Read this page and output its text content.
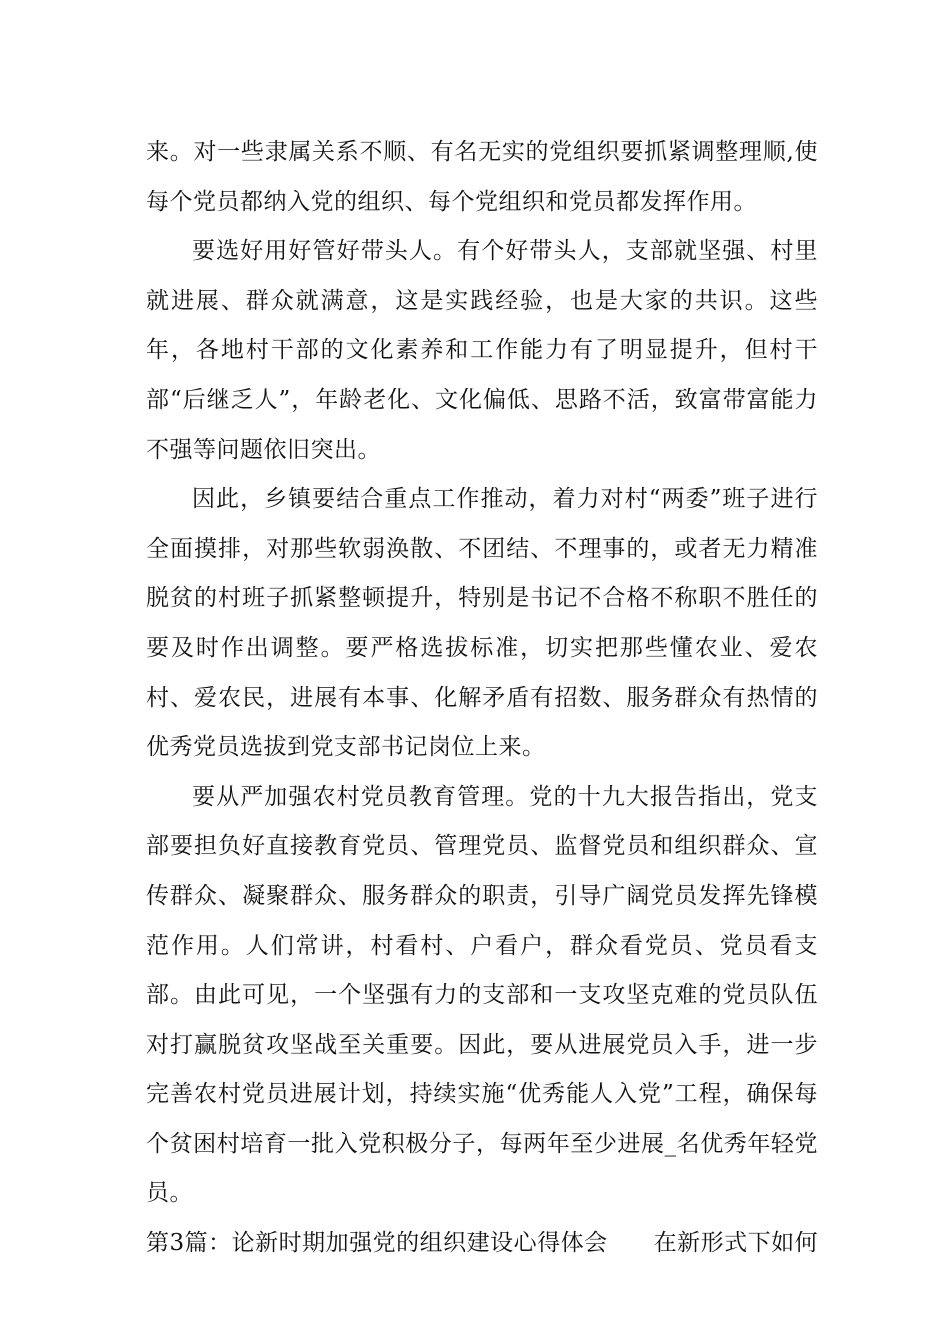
来。对一些隶属关系不顺、有名无实的党组织要抓紧调整理顺,使每个党员都纳入党的组织、每个党组织和党员都发挥作用。

要选好用好管好带头人。有个好带头人，支部就坚强、村里就进展、群众就满意，这是实践经验，也是大家的共识。这些年，各地村干部的文化素养和工作能力有了明显提升，但村干部“后继乏人”，年龄老化、文化偏低、思路不活，致富带富能力不强等问题依旧突出。

因此，乡镇要结合重点工作推动，着力对村“两委”班子进行全面摸排，对那些软弱涣散、不团结、不理事的，或者无力精准脱贫的村班子抓紧整顿提升，特别是书记不合格不称职不胜任的要及时作出调整。要严格选拔标准，切实把那些懂农业、爱农村、爱农民，进展有本事、化解矛盾有招数、服务群众有热情的优秀党员选拔到党支部书记岗位上来。

要从严加强农村党员教育管理。党的十九大报告指出，党支部要担负好直接教育党员、管理党员、监督党员和组织群众、宣传群众、凝聚群众、服务群众的职责，引导广阔党员发挥先锋模范作用。人们常讲，村看村、户看户，群众看党员、党员看支部。由此可见，一个坚强有力的支部和一支攻坚克难的党员队伍对打赢脱贫攻坚战至关重要。因此，要从进展党员入手，进一步完善农村党员进展计划，持续实施“优秀能人入党”工程，确保每个贫困村培育一批入党积极分子，每两年至少进展_名优秀年轻党员。

第3篇：论新时期加强党的组织建设心得体会 在新形式下如何
